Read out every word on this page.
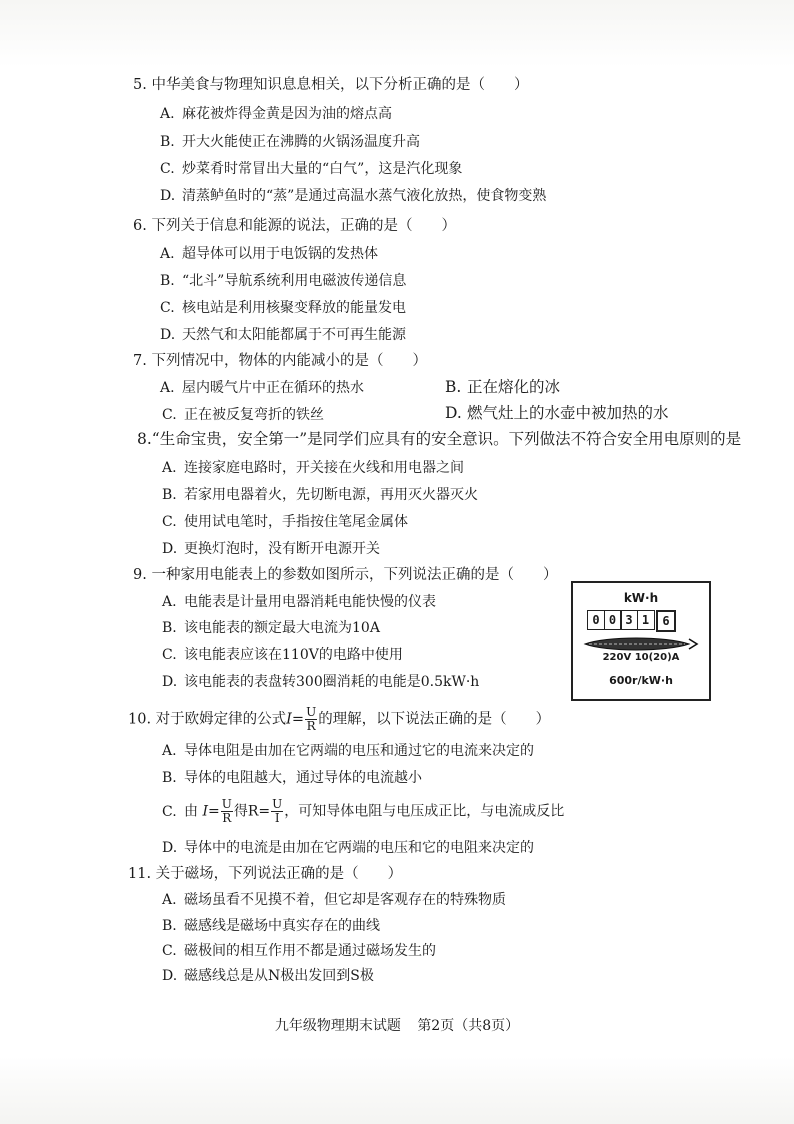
5. 中华美食与物理知识息息相关，以下分析正确的是（　　）
A. 麻花被炸得金黄是因为油的熔点高
B. 开大火能使正在沸腾的火锅汤温度升高
C. 炒菜肴时常冒出大量的“白气”，这是汽化现象
D. 清蒸鲈鱼时的“蒸”是通过高温水蒸气液化放热，使食物变熟
6. 下列关于信息和能源的说法，正确的是（　　）
A. 超导体可以用于电饭锅的发热体
B. “北斗”导航系统利用电磁波传递信息
C. 核电站是利用核聚变释放的能量发电
D. 天然气和太阳能都属于不可再生能源
7. 下列情况中，物体的内能减小的是（　　）
A. 屋内暖气片中正在循环的热水	B. 正在熔化的冰
C. 正在被反复弯折的铁丝	D. 燃气灶上的水壶中被加热的水
8.“生命宝贵，安全第一”是同学们应具有的安全意识。下列做法不符合安全用电原则的是
A. 连接家庭电路时，开关接在火线和用电器之间
B. 若家用电器着火，先切断电源，再用灭火器灭火
C. 使用试电笔时，手指按住笔尾金属体
D. 更换灯泡时，没有断开电源开关
9. 一种家用电能表上的参数如图所示，下列说法正确的是（　　）
A. 电能表是计量用电器消耗电能快慢的仪表
B. 该电能表的额定最大电流为10A
C. 该电能表应该在110V的电路中使用
D. 该电能表的表盘转300圈消耗的电能是0.5kW·h
kW·h
0 0 3 1	6
220V 10(20)A
600r/kW·h
10. 对于欧姆定律的公式$I= \frac{U}{R}$ 的理解，以下说法正确的是（　　）
A. 导体电阻是由加在它两端的电压和通过它的电流来决定的
B. 导体的电阻越大，通过导体的电流越小
C. 由 $I= \frac{U}{R}$ 得$R= \frac{U}{I}$ ，可知导体电阻与电压成正比，与电流成反比
D. 导体中的电流是由加在它两端的电压和它的电阻来决定的
11. 关于磁场，下列说法正确的是（　　）
A. 磁场虽看不见摸不着，但它却是客观存在的特殊物质
B. 磁感线是磁场中真实存在的曲线
C. 磁极间的相互作用不都是通过磁场发生的
D. 磁感线总是从N极出发回到S极
九年级物理期末试题 第2页（共8页）
